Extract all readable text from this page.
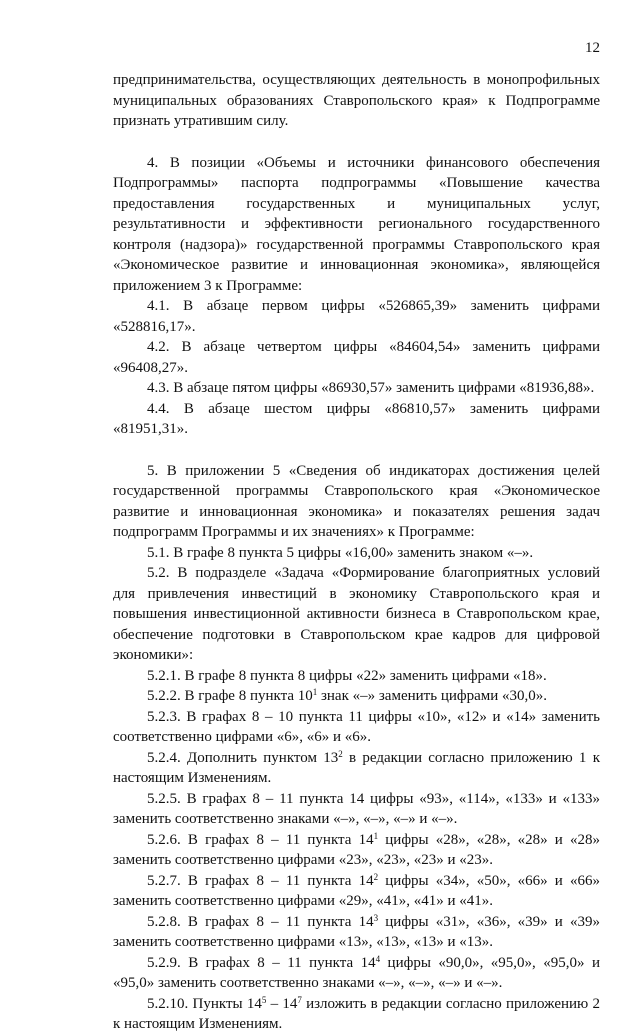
12

предпринимательства, осуществляющих деятельность в монопрофильных муниципальных образованиях Ставропольского края» к Подпрограмме признать утратившим силу.

4. В позиции «Объемы и источники финансового обеспечения Подпрограммы» паспорта подпрограммы «Повышение качества предоставления государственных и муниципальных услуг, результативности и эффективности регионального государственного контроля (надзора)» государственной программы Ставропольского края «Экономическое развитие и инновационная экономика», являющейся приложением 3 к Программе:

4.1. В абзаце первом цифры «526865,39» заменить цифрами «528816,17».

4.2. В абзаце четвертом цифры «84604,54» заменить цифрами «96408,27».

4.3. В абзаце пятом цифры «86930,57» заменить цифрами «81936,88».

4.4. В абзаце шестом цифры «86810,57» заменить цифрами «81951,31».

5. В приложении 5 «Сведения об индикаторах достижения целей государственной программы Ставропольского края «Экономическое развитие и инновационная экономика» и показателях решения задач подпрограмм Программы и их значениях» к Программе:

5.1. В графе 8 пункта 5 цифры «16,00» заменить знаком «–».

5.2. В подразделе «Задача «Формирование благоприятных условий для привлечения инвестиций в экономику Ставропольского края и повышения инвестиционной активности бизнеса в Ставропольском крае, обеспечение подготовки в Ставропольском крае кадров для цифровой экономики»:

5.2.1. В графе 8 пункта 8 цифры «22» заменить цифрами «18».

5.2.2. В графе 8 пункта $10^1$ знак «–» заменить цифрами «30,0».

5.2.3. В графах 8 – 10 пункта 11 цифры «10», «12» и «14» заменить соответственно цифрами «6», «6» и «6».

5.2.4. Дополнить пунктом $13^2$ в редакции согласно приложению 1 к настоящим Изменениям.

5.2.5. В графах 8 – 11 пункта 14 цифры «93», «114», «133» и «133» заменить соответственно знаками «–», «–», «–» и «–».

5.2.6. В графах 8 – 11 пункта $14^1$ цифры «28», «28», «28» и «28» заменить соответственно цифрами «23», «23», «23» и «23».

5.2.7. В графах 8 – 11 пункта $14^2$ цифры «34», «50», «66» и «66» заменить соответственно цифрами «29», «41», «41» и «41».

5.2.8. В графах 8 – 11 пункта $14^3$ цифры «31», «36», «39» и «39» заменить соответственно цифрами «13», «13», «13» и «13».

5.2.9. В графах 8 – 11 пункта $14^4$ цифры «90,0», «95,0», «95,0» и «95,0» заменить соответственно знаками «–», «–», «–» и «–».

5.2.10. Пункты $14^5 - 14^7$ изложить в редакции согласно приложению 2 к настоящим Изменениям.
